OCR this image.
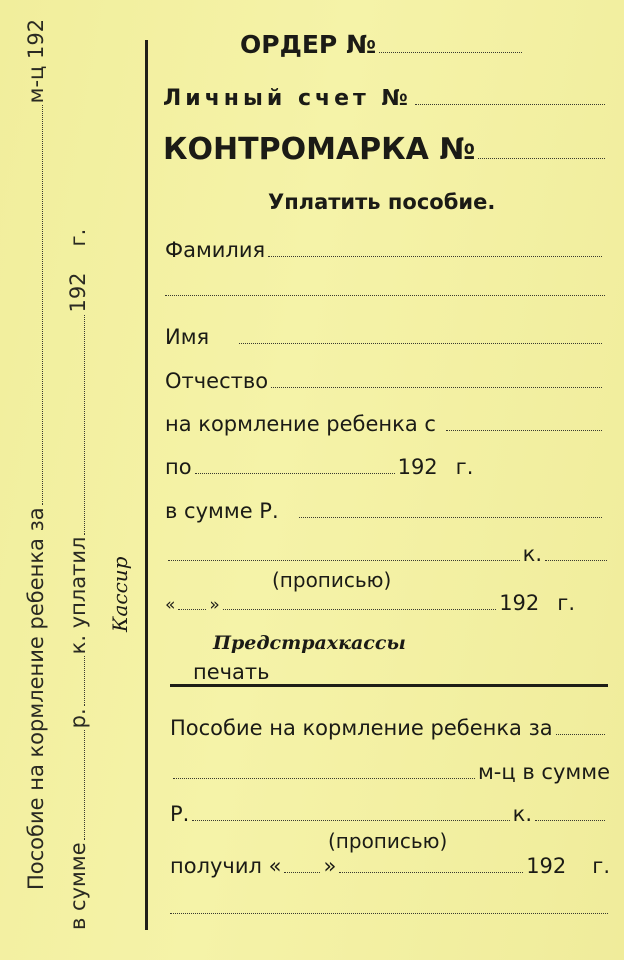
Пособие на кормление ребенка за
м-ц 192
в сумме
р.
к. уплатил
192
г.
Кассир
ОРДЕР №
Личный счет №
КОНТРОМАРКА №
Уплатить пособие.
Фамилия
Имя
Отчество
на кормление ребенка с
по	192 г.
в сумме Р.
к.
(прописью)
« »	192 г.
Предстрахкассы
печать
Пособие на кормление ребенка за
м-ц в сумме
Р.	к.
(прописью)
получил « »	192 г.
